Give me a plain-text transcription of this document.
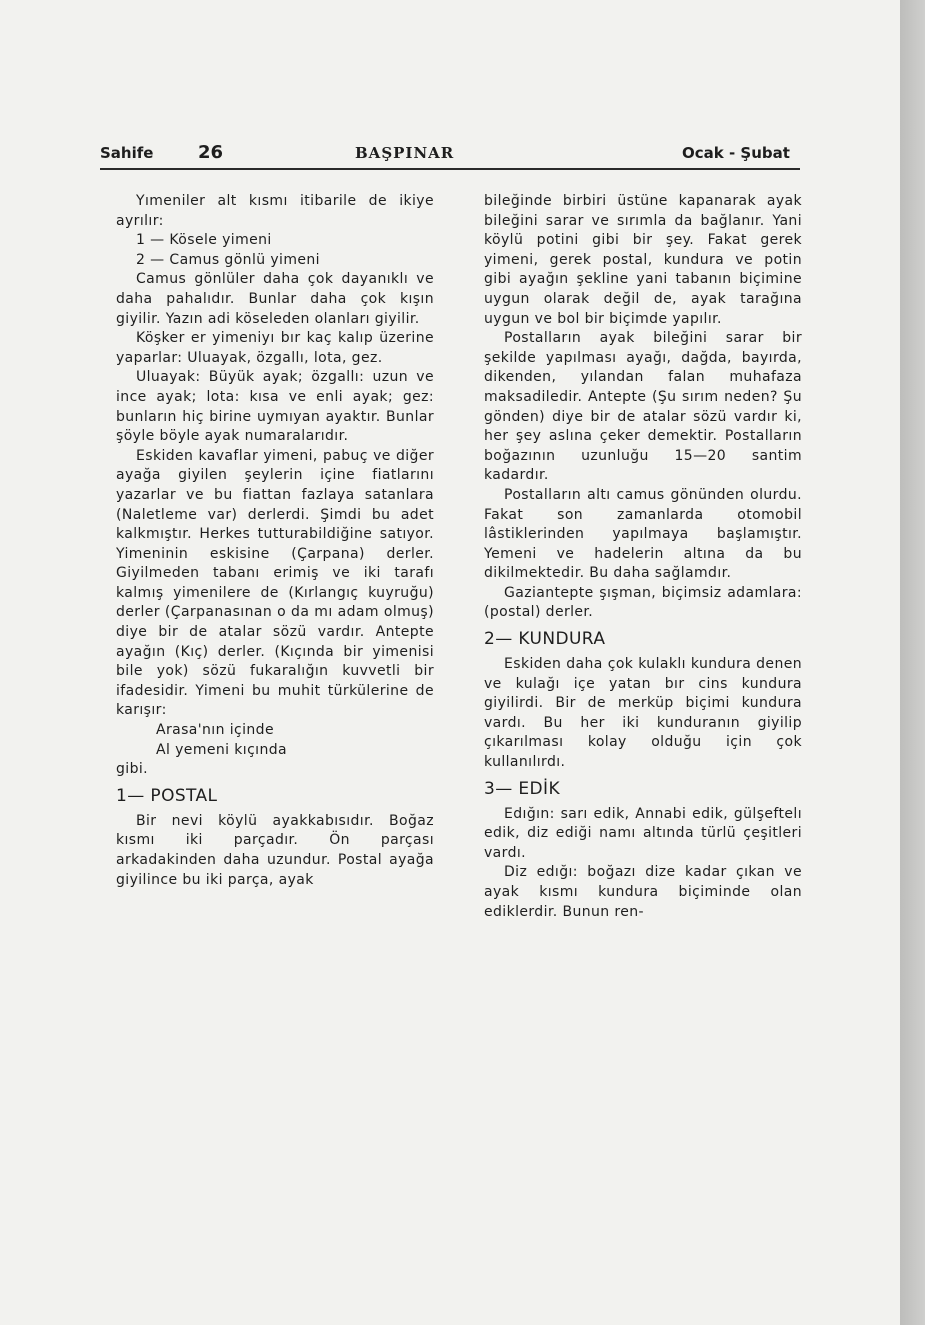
Sahife 26	BAŞPINAR	Ocak - Şubat

Yımeniler alt kısmı itibarile de ikiye ayrılır:

1 — Kösele yimeni

2 — Camus gönlü yimeni

Camus gönlüler daha çok dayanıklı ve daha pahalıdır. Bunlar daha çok kışın giyilir. Yazın adi köseleden olanları giyilir.

Köşker er yimeniyı bır kaç kalıp üzerine yaparlar: Uluayak, özgallı, lota, gez.

Uluayak: Büyük ayak; özgallı: uzun ve ince ayak; lota: kısa ve enli ayak; gez: bunların hiç birine uymıyan ayaktır. Bunlar şöyle böyle ayak numaralarıdır.

Eskiden kavaflar yimeni, pabuç ve diğer ayağa giyilen şeylerin içine fiatlarını yazarlar ve bu fiattan fazlaya satanlara (Naletleme var) derlerdi. Şimdi bu adet kalkmıştır. Herkes tutturabildiğine satıyor. Yimeninin eskisine (Çarpana) derler. Giyilmeden tabanı erimiş ve iki tarafı kalmış yimenilere de (Kırlangıç kuyruğu) derler (Çarpanasınan o da mı adam olmuş) diye bir de atalar sözü vardır. Antepte ayağın (Kıç) derler. (Kıçında bir yimenisi bile yok) sözü fukaralığın kuvvetli bir ifadesidir. Yimeni bu muhit türkülerine de karışır:

Arasa'nın içinde

Al yemeni kıçında

gibi.

1— POSTAL

Bir nevi köylü ayakkabısıdır. Boğaz kısmı iki parçadır. Ön parçası arkadakinden daha uzundur. Postal ayağa giyilince bu iki parça, ayak

bileğinde birbiri üstüne kapanarak ayak bileğini sarar ve sırımla da bağlanır. Yani köylü potini gibi bir şey. Fakat gerek yimeni, gerek postal, kundura ve potin gibi ayağın şekline yani tabanın biçimine uygun olarak değil de, ayak tarağına uygun ve bol bir biçimde yapılır.

Postalların ayak bileğini sarar bir şekilde yapılması ayağı, dağda, bayırda, dikenden, yılandan falan muhafaza maksadiledir. Antepte (Şu sırım neden? Şu gönden) diye bir de atalar sözü vardır ki, her şey aslına çeker demektir. Postalların boğazının uzunluğu 15—20 santim kadardır.

Postalların altı camus gönünden olurdu. Fakat son zamanlarda otomobil lâstiklerinden yapılmaya başlamıştır. Yemeni ve hadelerin altına da bu dikilmektedir. Bu daha sağlamdır.

Gaziantepte şışman, biçimsiz adamlara: (postal) derler.

2— KUNDURA

Eskiden daha çok kulaklı kundura denen ve kulağı içe yatan bır cins kundura giyilirdi. Bir de merküp biçimi kundura vardı. Bu her iki kunduranın giyilip çıkarılması kolay olduğu için çok kullanılırdı.

3— EDİK

Edığın: sarı edik, Annabi edik, gülşeftelı edik, diz ediği namı altında türlü çeşitleri vardı.

Diz edığı: boğazı dize kadar çıkan ve ayak kısmı kundura biçiminde olan ediklerdir. Bunun ren-
